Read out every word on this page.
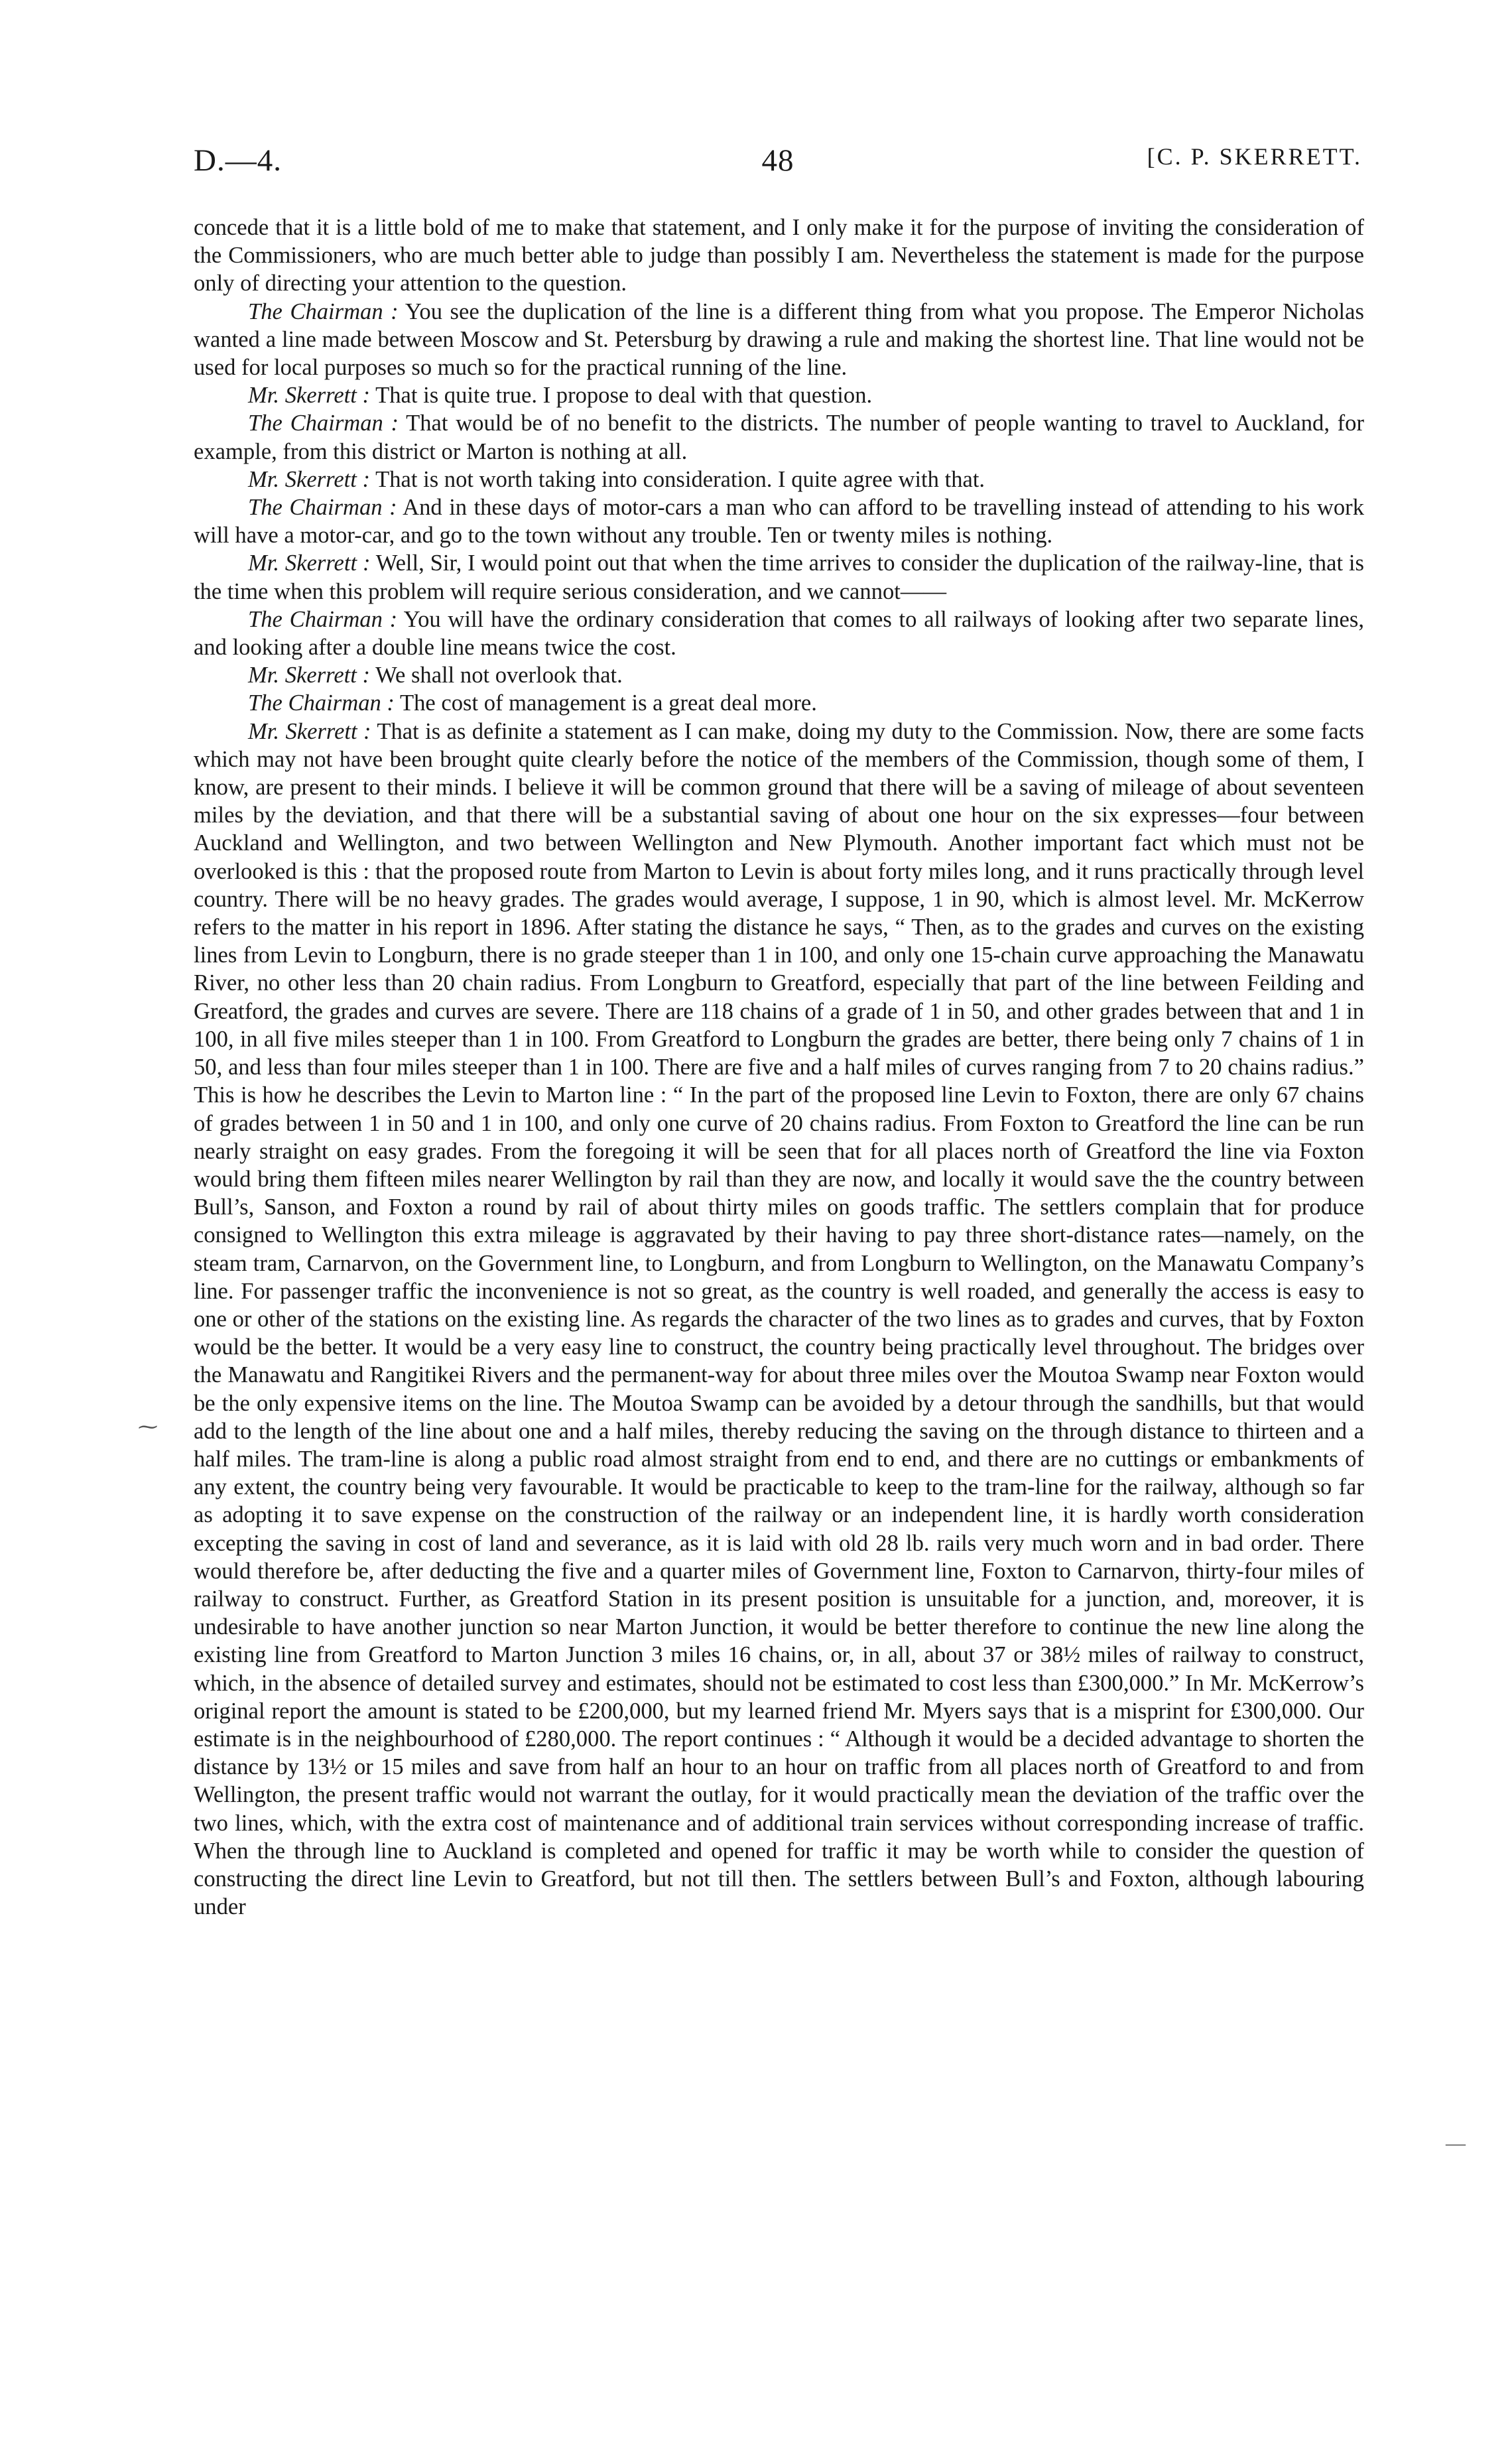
D.—4.	48	[C. P. SKERRETT.

concede that it is a little bold of me to make that statement, and I only make it for the purpose of inviting the consideration of the Commissioners, who are much better able to judge than possibly I am. Nevertheless the statement is made for the purpose only of directing your attention to the question.

The Chairman : You see the duplication of the line is a different thing from what you propose. The Emperor Nicholas wanted a line made between Moscow and St. Petersburg by drawing a rule and making the shortest line. That line would not be used for local purposes so much so for the practical running of the line.

Mr. Skerrett : That is quite true. I propose to deal with that question.

The Chairman : That would be of no benefit to the districts. The number of people wanting to travel to Auckland, for example, from this district or Marton is nothing at all.

Mr. Skerrett : That is not worth taking into consideration. I quite agree with that.

The Chairman : And in these days of motor-cars a man who can afford to be travelling instead of attending to his work will have a motor-car, and go to the town without any trouble. Ten or twenty miles is nothing.

Mr. Skerrett : Well, Sir, I would point out that when the time arrives to consider the duplication of the railway-line, that is the time when this problem will require serious consideration, and we cannot——

The Chairman : You will have the ordinary consideration that comes to all railways of looking after two separate lines, and looking after a double line means twice the cost.

Mr. Skerrett : We shall not overlook that.

The Chairman : The cost of management is a great deal more.

Mr. Skerrett : That is as definite a statement as I can make, doing my duty to the Commission. Now, there are some facts which may not have been brought quite clearly before the notice of the members of the Commission, though some of them, I know, are present to their minds. I believe it will be common ground that there will be a saving of mileage of about seventeen miles by the deviation, and that there will be a substantial saving of about one hour on the six expresses—four between Auckland and Wellington, and two between Wellington and New Plymouth. Another important fact which must not be overlooked is this : that the proposed route from Marton to Levin is about forty miles long, and it runs practically through level country. There will be no heavy grades. The grades would average, I suppose, 1 in 90, which is almost level. Mr. McKerrow refers to the matter in his report in 1896. After stating the distance he says, “ Then, as to the grades and curves on the existing lines from Levin to Longburn, there is no grade steeper than 1 in 100, and only one 15-chain curve approaching the Manawatu River, no other less than 20 chain radius. From Longburn to Greatford, especially that part of the line between Feilding and Greatford, the grades and curves are severe. There are 118 chains of a grade of 1 in 50, and other grades between that and 1 in 100, in all five miles steeper than 1 in 100. From Greatford to Longburn the grades are better, there being only 7 chains of 1 in 50, and less than four miles steeper than 1 in 100. There are five and a half miles of curves ranging from 7 to 20 chains radius.” This is how he describes the Levin to Marton line : “ In the part of the proposed line Levin to Foxton, there are only 67 chains of grades between 1 in 50 and 1 in 100, and only one curve of 20 chains radius. From Foxton to Greatford the line can be run nearly straight on easy grades. From the foregoing it will be seen that for all places north of Greatford the line via Foxton would bring them fifteen miles nearer Wellington by rail than they are now, and locally it would save the the country between Bull’s, Sanson, and Foxton a round by rail of about thirty miles on goods traffic. The settlers complain that for produce consigned to Wellington this extra mileage is aggravated by their having to pay three short-distance rates—namely, on the steam tram, Carnarvon, on the Government line, to Longburn, and from Longburn to Wellington, on the Manawatu Company’s line. For passenger traffic the inconvenience is not so great, as the country is well roaded, and generally the access is easy to one or other of the stations on the existing line. As regards the character of the two lines as to grades and curves, that by Foxton would be the better. It would be a very easy line to construct, the country being practically level throughout. The bridges over the Manawatu and Rangitikei Rivers and the permanent-way for about three miles over the Moutoa Swamp near Foxton would be the only expensive items on the line. The Moutoa Swamp can be avoided by a detour through the sandhills, but that would add to the length of the line about one and a half miles, thereby reducing the saving on the through distance to thirteen and a half miles. The tram-line is along a public road almost straight from end to end, and there are no cuttings or embankments of any extent, the country being very favourable. It would be practicable to keep to the tram-line for the railway, although so far as adopting it to save expense on the construction of the railway or an independent line, it is hardly worth consideration excepting the saving in cost of land and severance, as it is laid with old 28 lb. rails very much worn and in bad order. There would therefore be, after deducting the five and a quarter miles of Government line, Foxton to Carnarvon, thirty-four miles of railway to construct. Further, as Greatford Station in its present position is unsuitable for a junction, and, moreover, it is undesirable to have another junction so near Marton Junction, it would be better therefore to continue the new line along the existing line from Greatford to Marton Junction 3 miles 16 chains, or, in all, about 37 or 38½ miles of railway to construct, which, in the absence of detailed survey and estimates, should not be estimated to cost less than £300,000.” In Mr. McKerrow’s original report the amount is stated to be £200,000, but my learned friend Mr. Myers says that is a misprint for £300,000. Our estimate is in the neighbourhood of £280,000. The report continues : “ Although it would be a decided advantage to shorten the distance by 13½ or 15 miles and save from half an hour to an hour on traffic from all places north of Greatford to and from Wellington, the present traffic would not warrant the outlay, for it would practically mean the deviation of the traffic over the two lines, which, with the extra cost of maintenance and of additional train services without corresponding increase of traffic. When the through line to Auckland is completed and opened for traffic it may be worth while to consider the question of constructing the direct line Levin to Greatford, but not till then. The settlers between Bull’s and Foxton, although labouring under

⁓
—
